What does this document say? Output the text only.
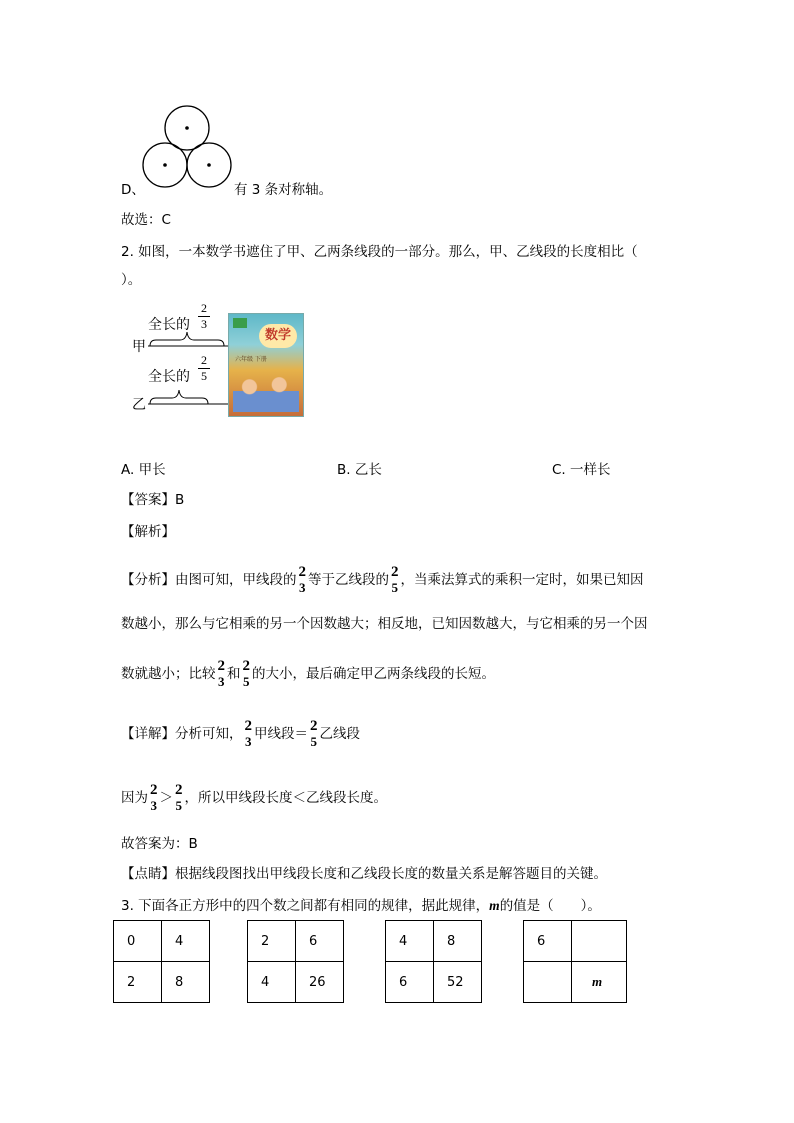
D、	有 3 条对称轴。
故选：C
2. 如图，一本数学书遮住了甲、乙两条线段的一部分。那么，甲、乙线段的长度相比（
）。
全长的
2
3
甲
全长的
2
5
乙
数学
六年级 下册
A. 甲长	B. 乙长	C. 一样长
【答案】B
【解析】
【分析】由图可知，甲线段的 2
3 等于乙线段的 2
5 ，当乘法算式的乘积一定时，如果已知因
数越小，那么与它相乘的另一个因数越大；相反地，已知因数越大，与它相乘的另一个因
数就越小；比较 2
3 和 2
5 的大小，最后确定甲乙两条线段的长短。
【详解】分析可知， 2
3 甲线段＝ 2
5 乙线段
因为 2
3 ＞ 2
5 ，所以甲线段长度＜乙线段长度。
故答案为：B
【点睛】根据线段图找出甲线段长度和乙线段长度的数量关系是解答题目的关键。
3. 下面各正方形中的四个数之间都有相同的规律，据此规律，m的值是（　　）。
0	4
2	8
2	6
4	26
4	8
6	52
6	
	m
